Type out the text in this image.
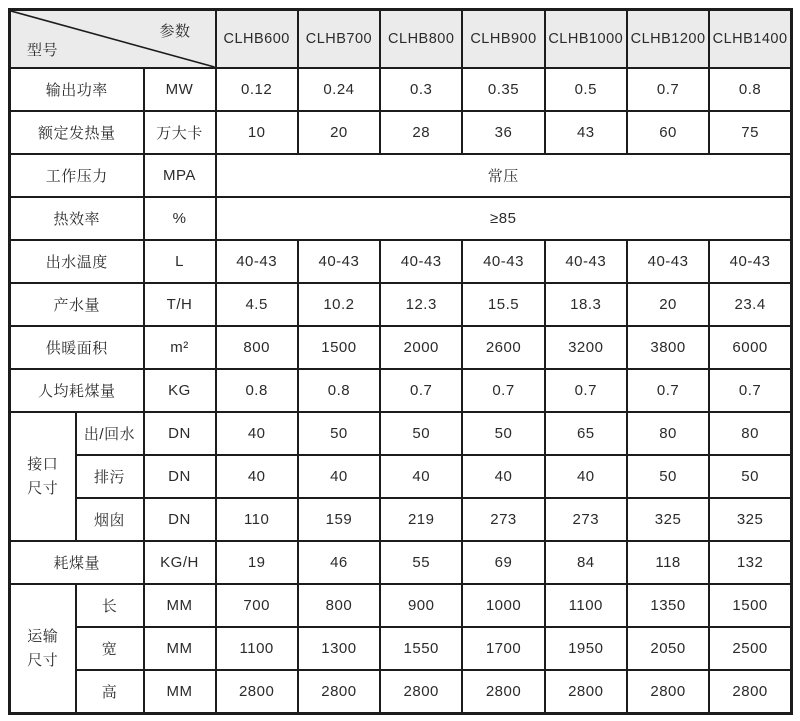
参数
型号			CLHB600	CLHB700	CLHB800	CLHB900	CLHB1000	CLHB1200	CLHB1400
输出功率		MW	0.12	0.24	0.3	0.35	0.5	0.7	0.8
额定发热量		万大卡	10	20	28	36	43	60	75
工作压力		MPA	常压						
热效率		%	≥85						
出水温度		L	40-43	40-43	40-43	40-43	40-43	40-43	40-43
产水量		T/H	4.5	10.2	12.3	15.5	18.3	20	23.4
供暖面积		m²	800	1500	2000	2600	3200	3800	6000
人均耗煤量		KG	0.8	0.8	0.7	0.7	0.7	0.7	0.7

接口
尺寸	出/回水	DN	40	50	50	50	65	80	80
	排污	DN	40	40	40	40	40	50	50
	烟囱	DN	110	159	219	273	273	325	325
耗煤量		KG/H	19	46	55	69	84	118	132

运输
尺寸	长	MM	700	800	900	1000	1100	1350	1500
	宽	MM	1100	1300	1550	1700	1950	2050	2500
	高	MM	2800	2800	2800	2800	2800	2800	2800
